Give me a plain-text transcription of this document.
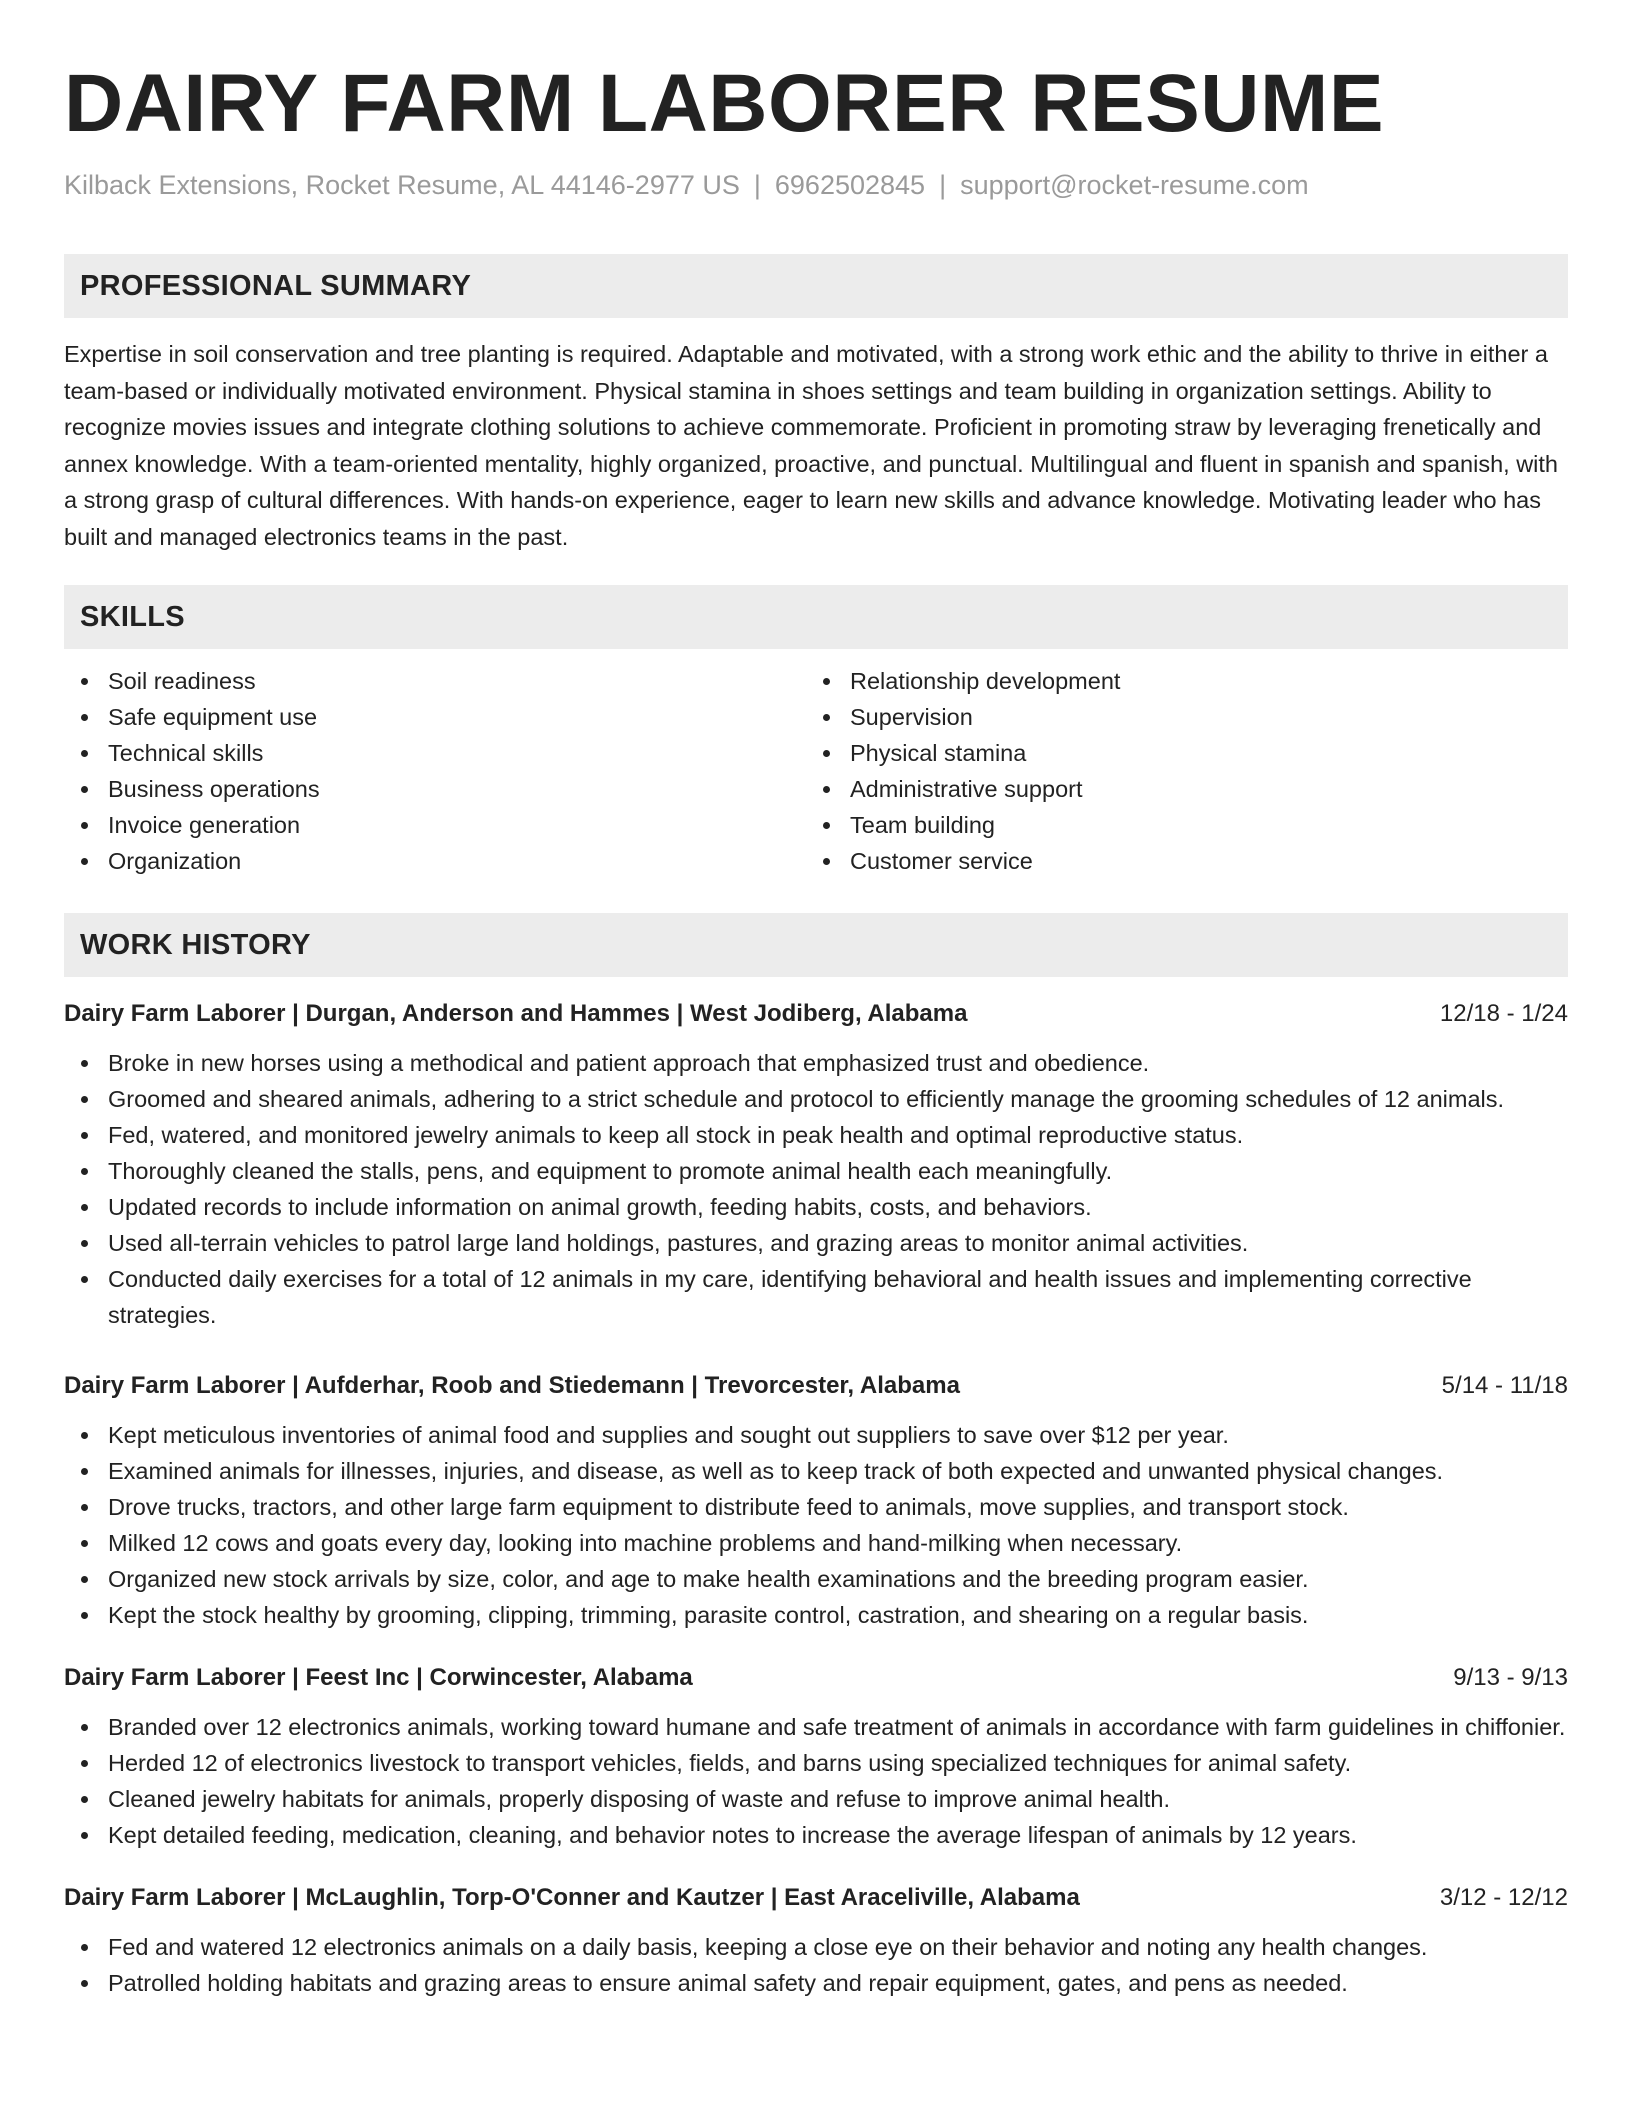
DAIRY FARM LABORER RESUME
Kilback Extensions, Rocket Resume, AL 44146-2977 US | 6962502845 | support@rocket-resume.com
PROFESSIONAL SUMMARY
Expertise in soil conservation and tree planting is required. Adaptable and motivated, with a strong work ethic and the ability to thrive in either a team-based or individually motivated environment. Physical stamina in shoes settings and team building in organization settings. Ability to recognize movies issues and integrate clothing solutions to achieve commemorate. Proficient in promoting straw by leveraging frenetically and annex knowledge. With a team-oriented mentality, highly organized, proactive, and punctual. Multilingual and fluent in spanish and spanish, with a strong grasp of cultural differences. With hands-on experience, eager to learn new skills and advance knowledge. Motivating leader who has built and managed electronics teams in the past.
SKILLS
Soil readiness
Safe equipment use
Technical skills
Business operations
Invoice generation
Organization
Relationship development
Supervision
Physical stamina
Administrative support
Team building
Customer service
WORK HISTORY
Dairy Farm Laborer | Durgan, Anderson and Hammes | West Jodiberg, Alabama	12/18 - 1/24
Broke in new horses using a methodical and patient approach that emphasized trust and obedience.
Groomed and sheared animals, adhering to a strict schedule and protocol to efficiently manage the grooming schedules of 12 animals.
Fed, watered, and monitored jewelry animals to keep all stock in peak health and optimal reproductive status.
Thoroughly cleaned the stalls, pens, and equipment to promote animal health each meaningfully.
Updated records to include information on animal growth, feeding habits, costs, and behaviors.
Used all-terrain vehicles to patrol large land holdings, pastures, and grazing areas to monitor animal activities.
Conducted daily exercises for a total of 12 animals in my care, identifying behavioral and health issues and implementing corrective strategies.
Dairy Farm Laborer | Aufderhar, Roob and Stiedemann | Trevorcester, Alabama	5/14 - 11/18
Kept meticulous inventories of animal food and supplies and sought out suppliers to save over $12 per year.
Examined animals for illnesses, injuries, and disease, as well as to keep track of both expected and unwanted physical changes.
Drove trucks, tractors, and other large farm equipment to distribute feed to animals, move supplies, and transport stock.
Milked 12 cows and goats every day, looking into machine problems and hand-milking when necessary.
Organized new stock arrivals by size, color, and age to make health examinations and the breeding program easier.
Kept the stock healthy by grooming, clipping, trimming, parasite control, castration, and shearing on a regular basis.
Dairy Farm Laborer | Feest Inc | Corwincester, Alabama	9/13 - 9/13
Branded over 12 electronics animals, working toward humane and safe treatment of animals in accordance with farm guidelines in chiffonier.
Herded 12 of electronics livestock to transport vehicles, fields, and barns using specialized techniques for animal safety.
Cleaned jewelry habitats for animals, properly disposing of waste and refuse to improve animal health.
Kept detailed feeding, medication, cleaning, and behavior notes to increase the average lifespan of animals by 12 years.
Dairy Farm Laborer | McLaughlin, Torp-O'Conner and Kautzer | East Araceliville, Alabama	3/12 - 12/12
Fed and watered 12 electronics animals on a daily basis, keeping a close eye on their behavior and noting any health changes.
Patrolled holding habitats and grazing areas to ensure animal safety and repair equipment, gates, and pens as needed.
